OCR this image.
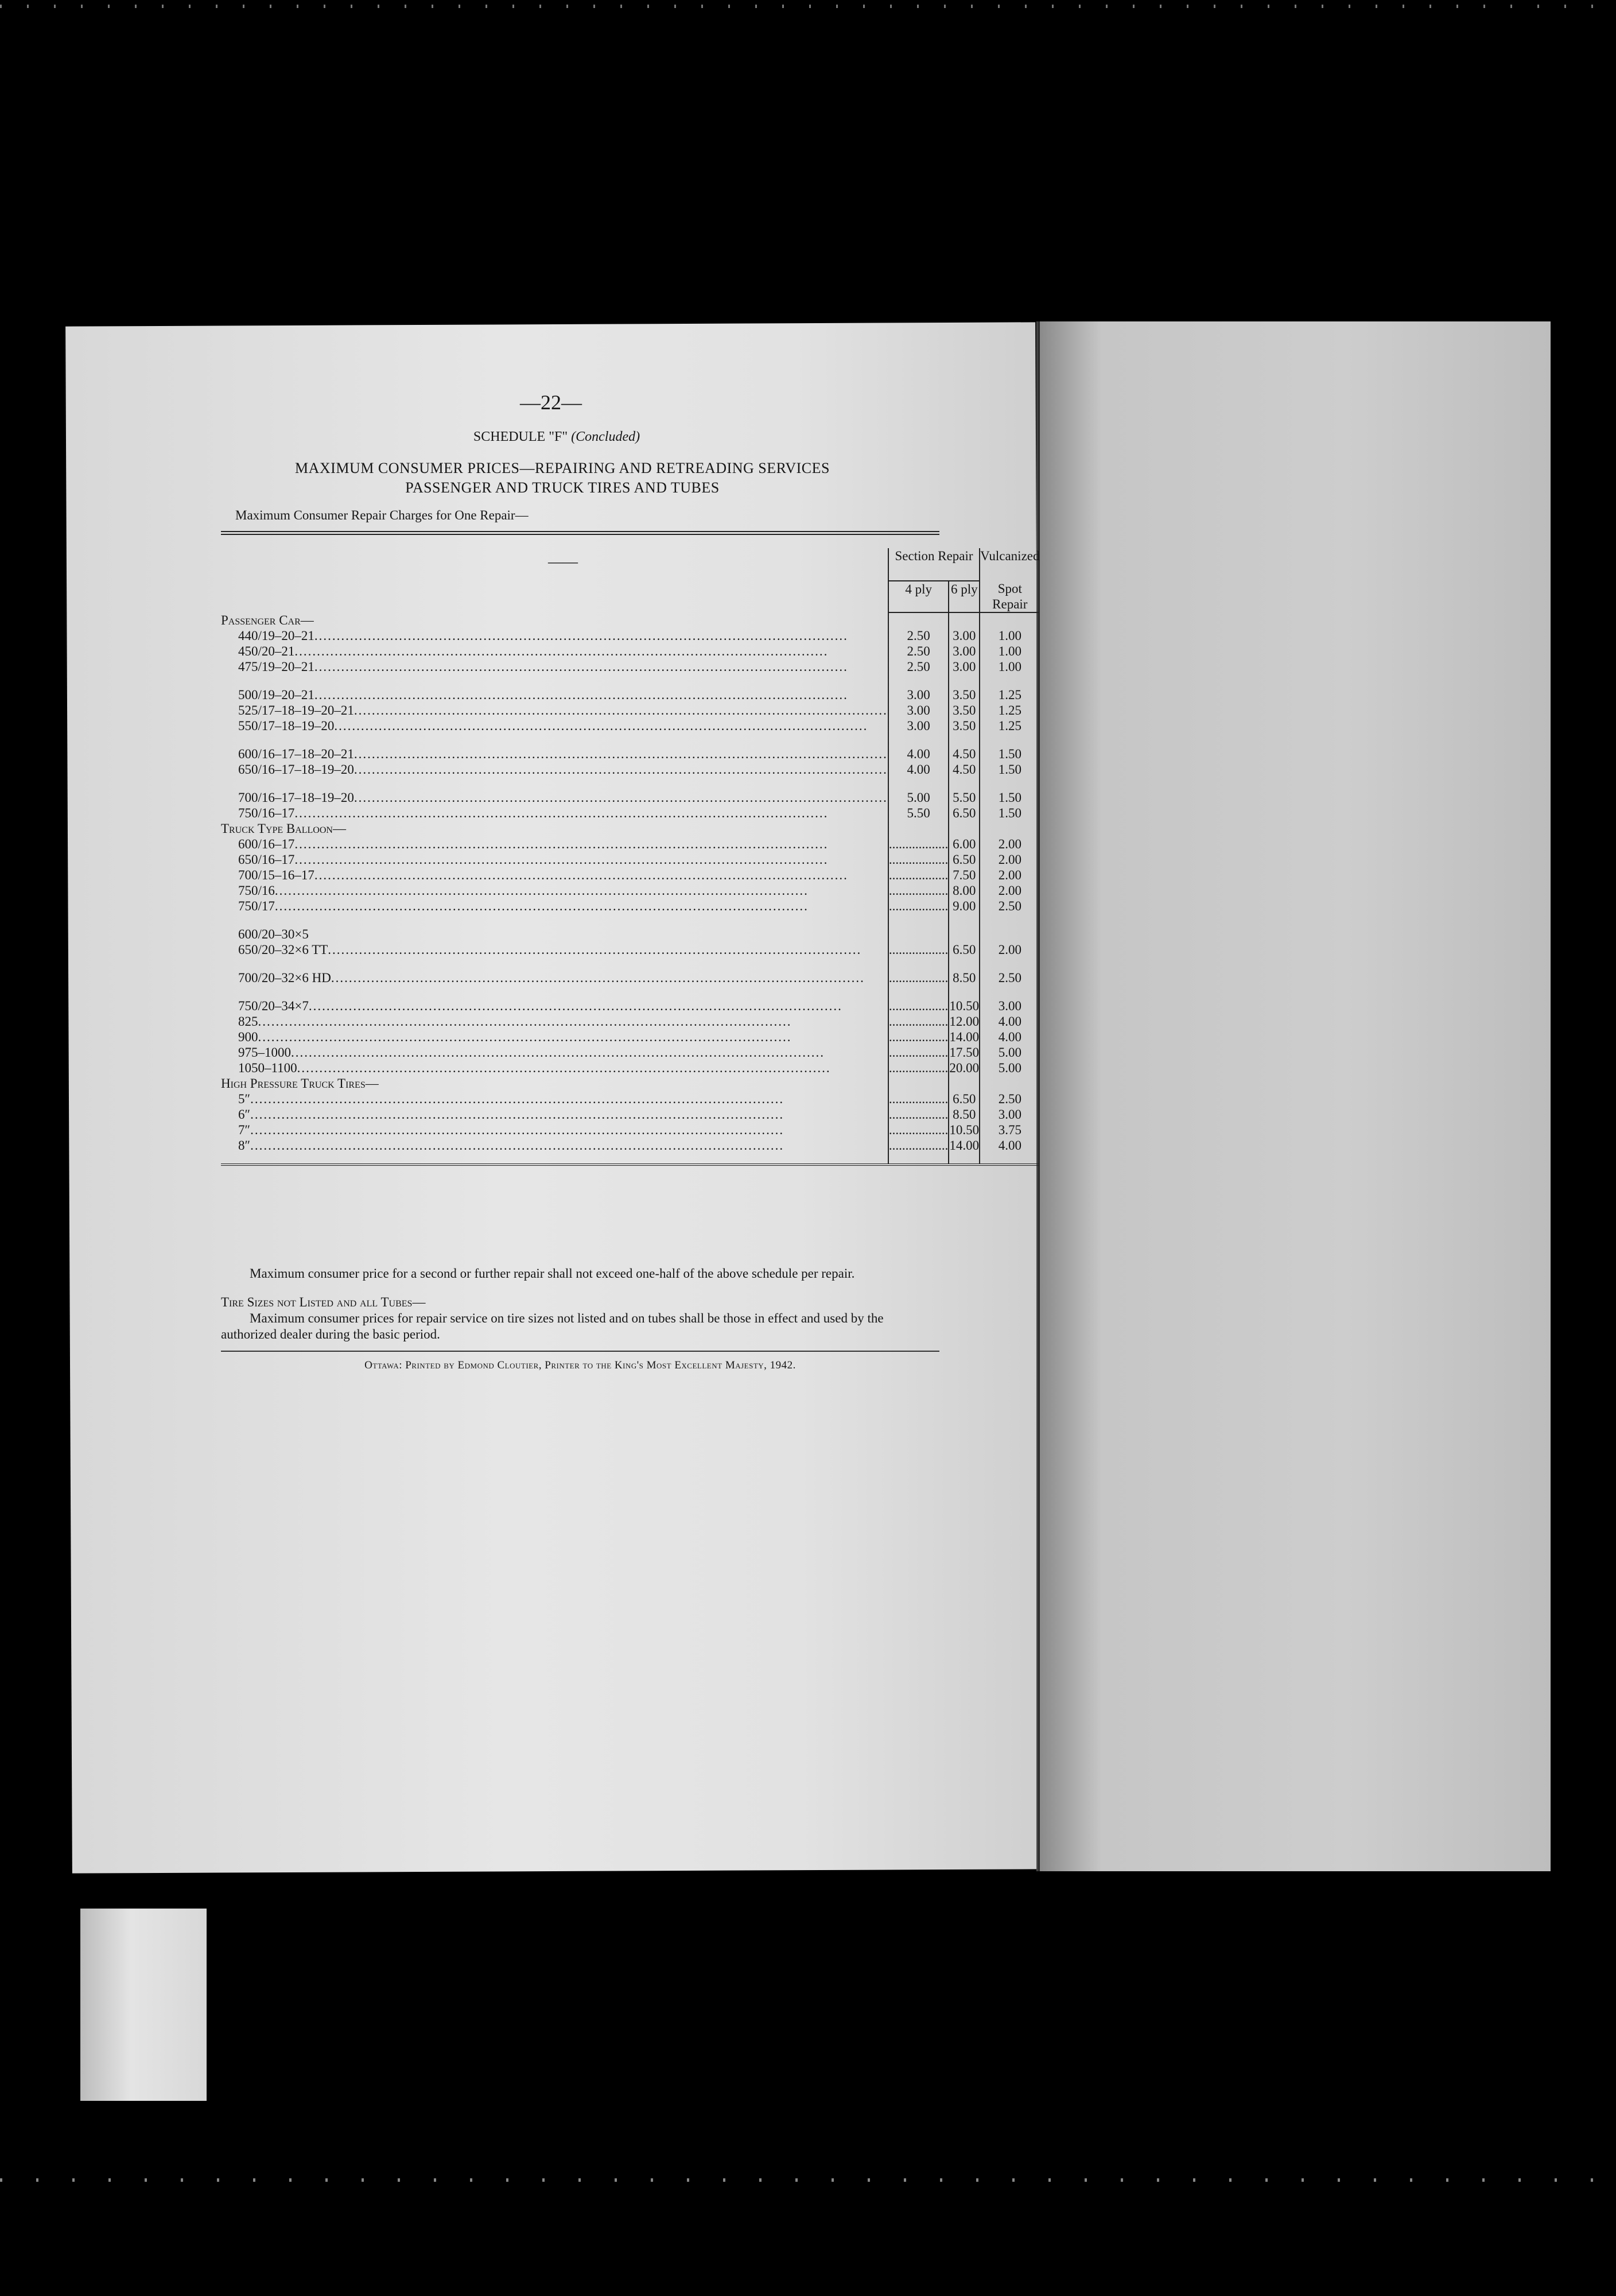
—22—
SCHEDULE "F" (Concluded)
MAXIMUM CONSUMER PRICES—REPAIRING AND RETREADING SERVICES
PASSENGER AND TRUCK TIRES AND TUBES
Maximum Consumer Repair Charges for One Repair—
——	Section Repair		Vulcanized
	4 ply	6 ply	Spot Repair
Passenger Car—			
440/19–20–21........................................................................................................................	2.50	3.00	1.00
450/20–21........................................................................................................................	2.50	3.00	1.00
475/19–20–21........................................................................................................................	2.50	3.00	1.00

500/19–20–21........................................................................................................................	3.00	3.50	1.25
525/17–18–19–20–21........................................................................................................................	3.00	3.50	1.25
550/17–18–19–20........................................................................................................................	3.00	3.50	1.25

600/16–17–18–20–21........................................................................................................................	4.00	4.50	1.50
650/16–17–18–19–20........................................................................................................................	4.00	4.50	1.50

700/16–17–18–19–20........................................................................................................................	5.00	5.50	1.50
750/16–17........................................................................................................................	5.50	6.50	1.50
Truck Type Balloon—			
600/16–17........................................................................................................................	..................	6.00	2.00
650/16–17........................................................................................................................	..................	6.50	2.00
700/15–16–17........................................................................................................................	..................	7.50	2.00
750/16........................................................................................................................	..................	8.00	2.00
750/17........................................................................................................................	..................	9.00	2.50

600/20–30×5			
650/20–32×6 TT........................................................................................................................	..................	6.50	2.00

700/20–32×6 HD........................................................................................................................	..................	8.50	2.50

750/20–34×7........................................................................................................................	..................	10.50	3.00
825........................................................................................................................	..................	12.00	4.00
900........................................................................................................................	..................	14.00	4.00
975–1000........................................................................................................................	..................	17.50	5.00
1050–1100........................................................................................................................	..................	20.00	5.00
High Pressure Truck Tires—			
5″........................................................................................................................	..................	6.50	2.50
6″........................................................................................................................	..................	8.50	3.00
7″........................................................................................................................	..................	10.50	3.75
8″........................................................................................................................	..................	14.00	4.00

Maximum consumer price for a second or further repair shall not exceed one-half of the above schedule per repair.

Tire Sizes not Listed and all Tubes—

Maximum consumer prices for repair service on tire sizes not listed and on tubes shall be those in effect and used by the authorized dealer during the basic period.

Ottawa: Printed by Edmond Cloutier, Printer to the King's Most Excellent Majesty, 1942.
